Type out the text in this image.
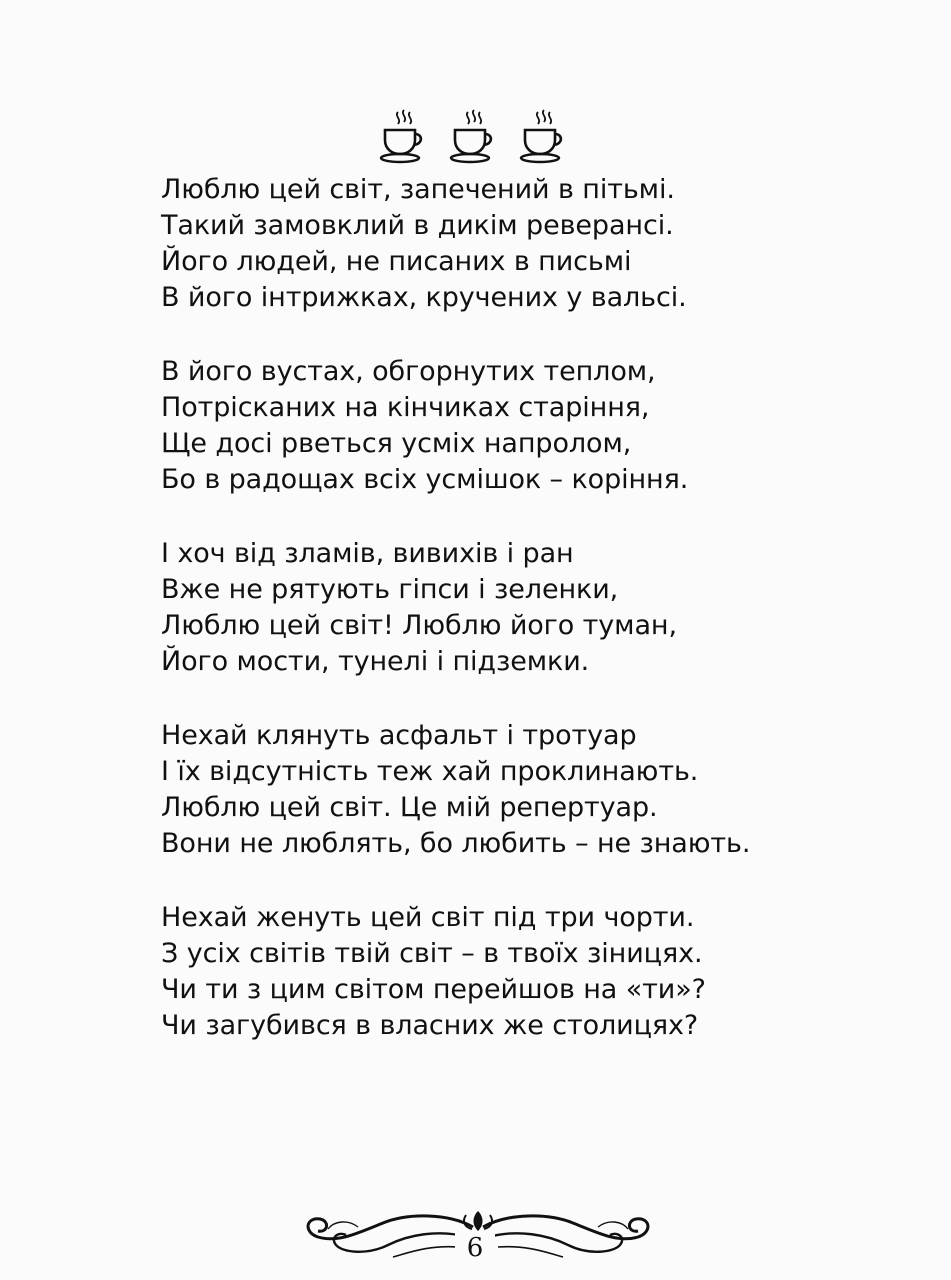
Люблю цей світ, запечений в пітьмі.
Такий замовклий в дикім реверансі.
Його людей, не писаних в письмі
В його інтрижках, кручених у вальсі.
В його вустах, обгорнутих теплом,
Потрісканих на кінчиках старіння,
Ще досі рветься усміх напролом,
Бо в радощах всіх усмішок – коріння.
І хоч від зламів, вивихів і ран
Вже не рятують гіпси і зеленки,
Люблю цей світ! Люблю його туман,
Його мости, тунелі і підземки.
Нехай клянуть асфальт і тротуар
І їх відсутність теж хай проклинають.
Люблю цей світ. Це мій репертуар.
Вони не люблять, бо любить – не знають.
Нехай женуть цей світ під три чорти.
З усіх світів твій світ – в твоїх зіницях.
Чи ти з цим світом перейшов на «ти»?
Чи загубився в власних же столицях?
6
